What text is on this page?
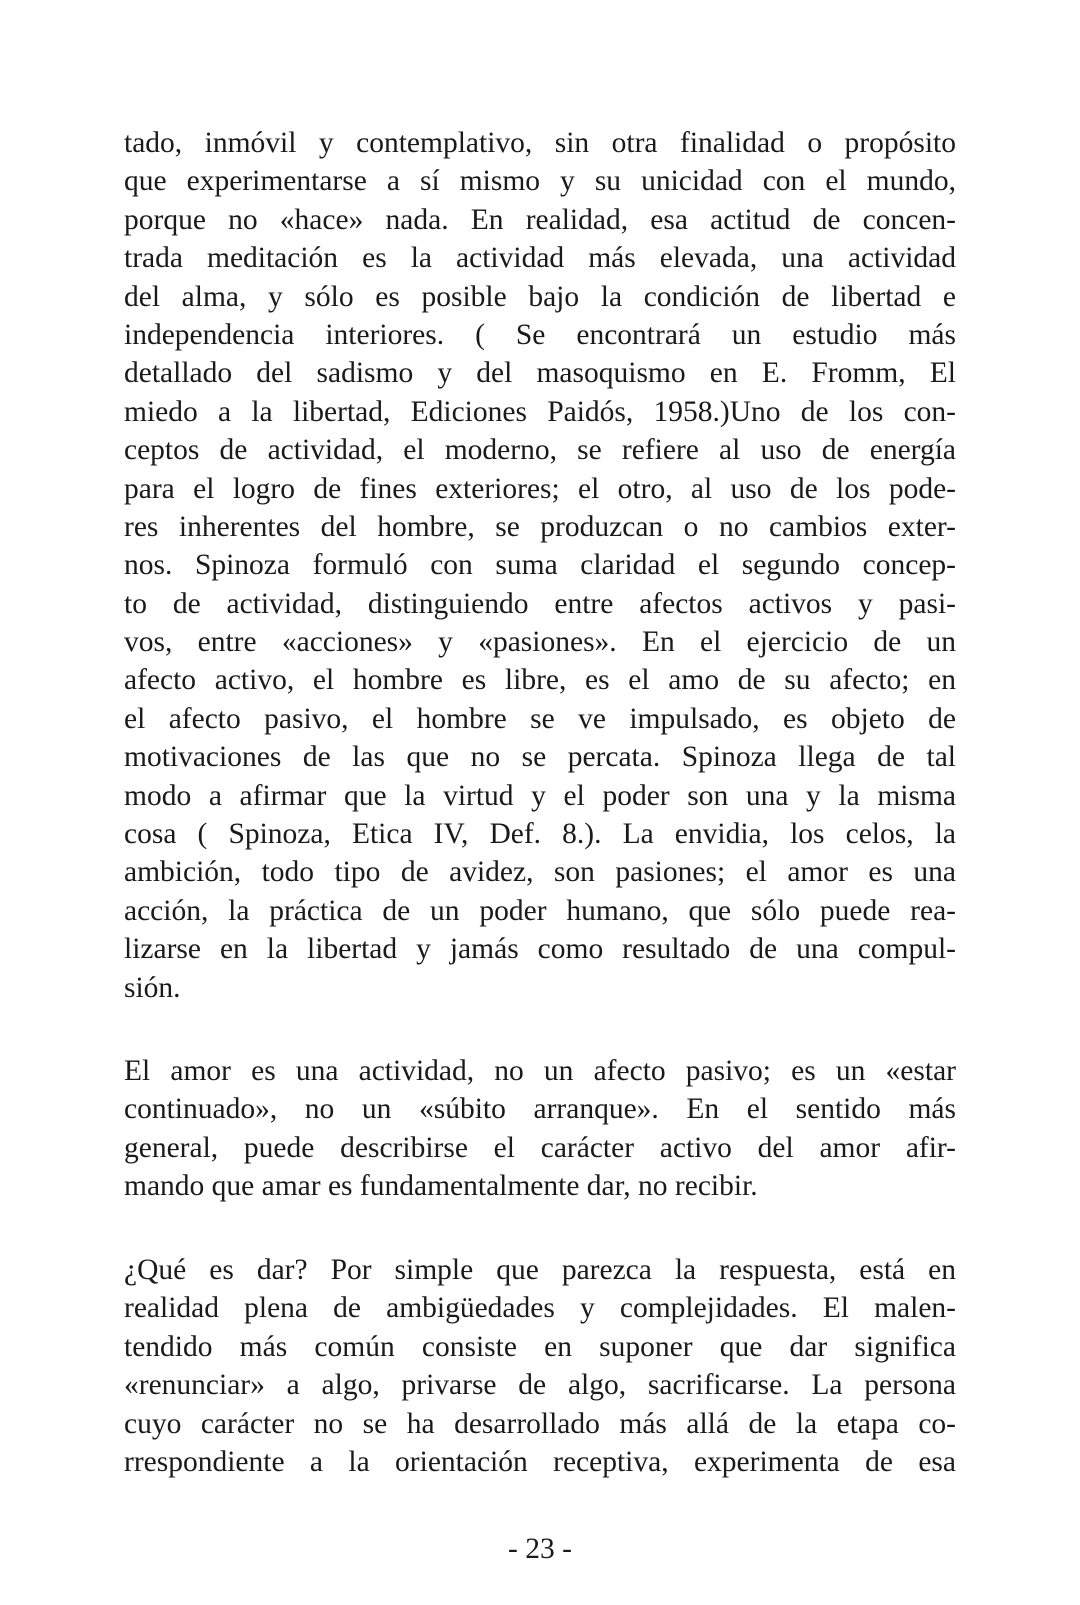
tado, inmóvil y contemplativo, sin otra finalidad o propósito
que experimentarse a sí mismo y su unicidad con el mundo,
porque no «hace» nada. En realidad, esa actitud de concen-
trada meditación es la actividad más elevada, una actividad
del alma, y sólo es posible bajo la condición de libertad e
independencia interiores. ( Se encontrará un estudio más
detallado del sadismo y del masoquismo en E. Fromm, El
miedo a la libertad, Ediciones Paidós, 1958.)Uno de los con-
ceptos de actividad, el moderno, se refiere al uso de energía
para el logro de fines exteriores; el otro, al uso de los pode-
res inherentes del hombre, se produzcan o no cambios exter-
nos. Spinoza formuló con suma claridad el segundo concep-
to de actividad, distinguiendo entre afectos activos y pasi-
vos, entre «acciones» y «pasiones». En el ejercicio de un
afecto activo, el hombre es libre, es el amo de su afecto; en
el afecto pasivo, el hombre se ve impulsado, es objeto de
motivaciones de las que no se percata. Spinoza llega de tal
modo a afirmar que la virtud y el poder son una y la misma
cosa ( Spinoza, Etica IV, Def. 8.). La envidia, los celos, la
ambición, todo tipo de avidez, son pasiones; el amor es una
acción, la práctica de un poder humano, que sólo puede rea-
lizarse en la libertad y jamás como resultado de una compul-
sión.
El amor es una actividad, no un afecto pasivo; es un «estar
continuado», no un «súbito arranque». En el sentido más
general, puede describirse el carácter activo del amor afir-
mando que amar es fundamentalmente dar, no recibir.
¿Qué es dar? Por simple que parezca la respuesta, está en
realidad plena de ambigüedades y complejidades. El malen-
tendido más común consiste en suponer que dar significa
«renunciar» a algo, privarse de algo, sacrificarse. La persona
cuyo carácter no se ha desarrollado más allá de la etapa co-
rrespondiente a la orientación receptiva, experimenta de esa
- 23 -
